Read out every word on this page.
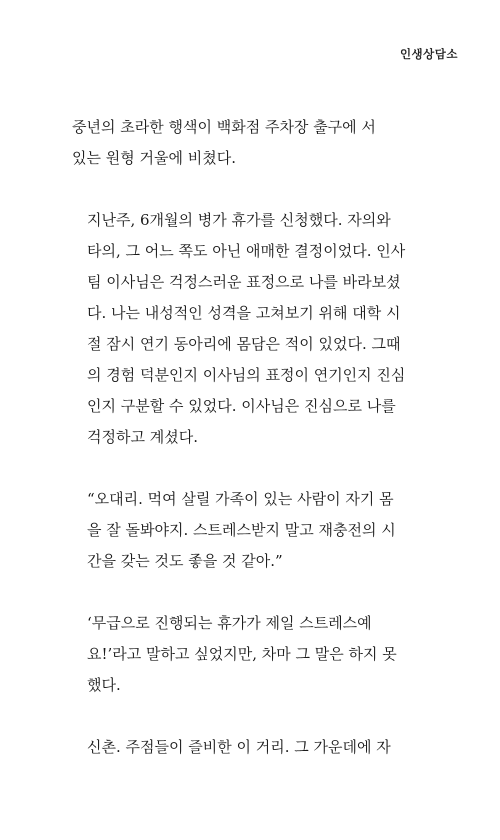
인생상담소

중년의 초라한 행색이 백화점 주차장 출구에 서
있는 원형 거울에 비쳤다.

지난주, 6개월의 병가 휴가를 신청했다. 자의와
타의, 그 어느 쪽도 아닌 애매한 결정이었다. 인사
팀 이사님은 걱정스러운 표정으로 나를 바라보셨
다. 나는 내성적인 성격을 고쳐보기 위해 대학 시
절 잠시 연기 동아리에 몸담은 적이 있었다. 그때
의 경험 덕분인지 이사님의 표정이 연기인지 진심
인지 구분할 수 있었다. 이사님은 진심으로 나를
걱정하고 계셨다.

“오대리. 먹여 살릴 가족이 있는 사람이 자기 몸
을 잘 돌봐야지. 스트레스받지 말고 재충전의 시
간을 갖는 것도 좋을 것 같아.”

‘무급으로 진행되는 휴가가 제일 스트레스예
요!’라고 말하고 싶었지만, 차마 그 말은 하지 못
했다.

신촌. 주점들이 즐비한 이 거리. 그 가운데에 자
